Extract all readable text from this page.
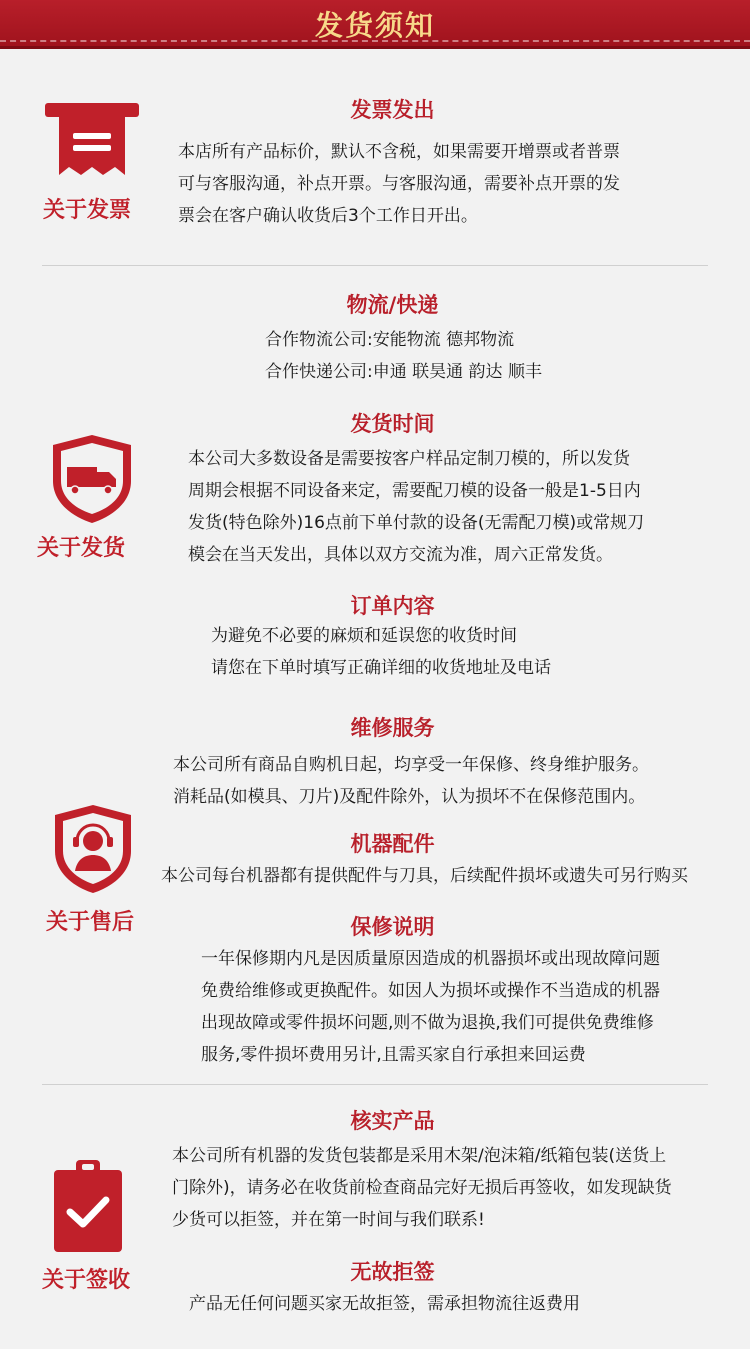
发货须知
关于发票
发票发出
本店所有产品标价，默认不含税，如果需要开增票或者普票
可与客服沟通，补点开票。与客服沟通，需要补点开票的发
票会在客户确认收货后3个工作日开出。
物流/快递
合作物流公司:安能物流 德邦物流
合作快递公司:申通 联昊通 韵达 顺丰
关于发货
发货时间
本公司大多数设备是需要按客户样品定制刀模的，所以发货
周期会根据不同设备来定，需要配刀模的设备一般是1-5日内
发货(特色除外)16点前下单付款的设备(无需配刀模)或常规刀
模会在当天发出，具体以双方交流为准，周六正常发货。
订单内容
为避免不必要的麻烦和延误您的收货时间
请您在下单时填写正确详细的收货地址及电话
维修服务
本公司所有商品自购机日起，均享受一年保修、终身维护服务。
消耗品(如模具、刀片)及配件除外，认为损坏不在保修范围内。
关于售后
机器配件
本公司每台机器都有提供配件与刀具，后续配件损坏或遗失可另行购买
保修说明
一年保修期内凡是因质量原因造成的机器损坏或出现故障问题
免费给维修或更换配件。如因人为损坏或操作不当造成的机器
出现故障或零件损坏问题,则不做为退换,我们可提供免费维修
服务,零件损坏费用另计,且需买家自行承担来回运费
关于签收
核实产品
本公司所有机器的发货包装都是采用木架/泡沫箱/纸箱包装(送货上
门除外)，请务必在收货前检查商品完好无损后再签收，如发现缺货
少货可以拒签，并在第一时间与我们联系!
无故拒签
产品无任何问题买家无故拒签，需承担物流往返费用
